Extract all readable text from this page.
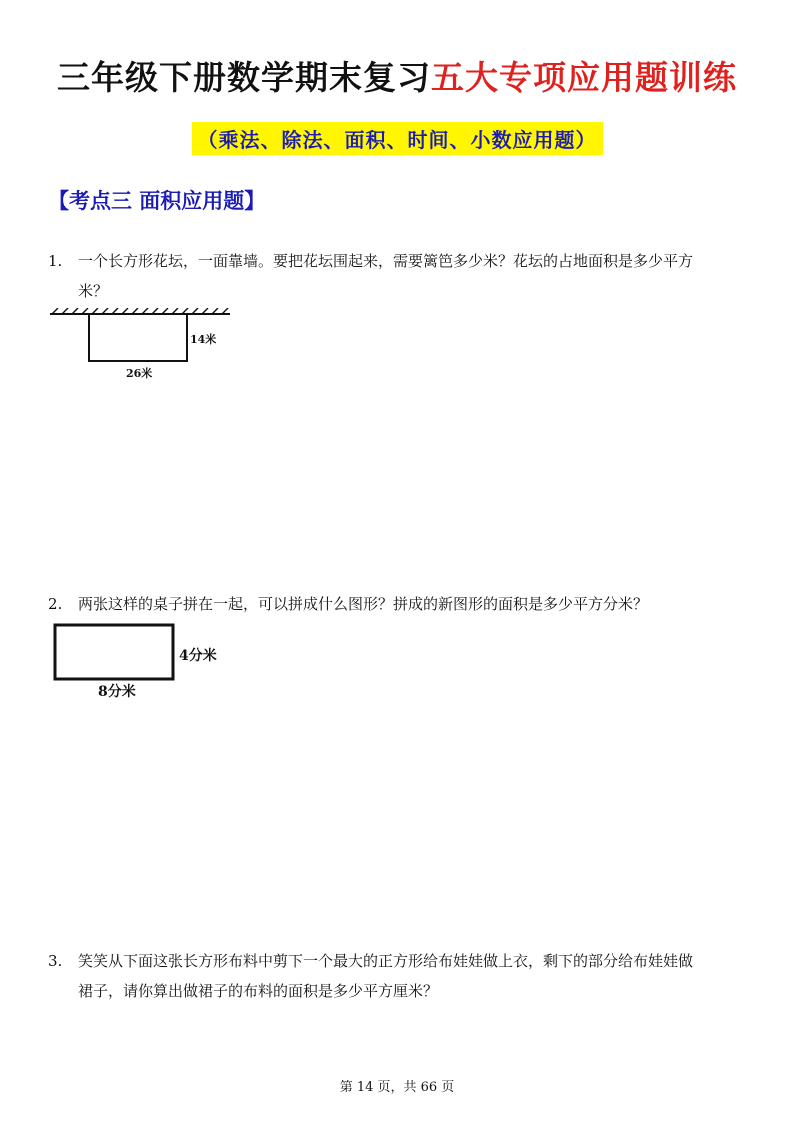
三年级下册数学期末复习五大专项应用题训练
（乘法、除法、面积、时间、小数应用题）
【考点三 面积应用题】
1. 一个长方形花坛，一面靠墙。要把花坛围起来，需要篱笆多少米？花坛的占地面积是多少平方
米？
14米
26米
2. 两张这样的桌子拼在一起，可以拼成什么图形？拼成的新图形的面积是多少平方分米？
4分米
8分米
3. 笑笑从下面这张长方形布料中剪下一个最大的正方形给布娃娃做上衣，剩下的部分给布娃娃做
裙子，请你算出做裙子的布料的面积是多少平方厘米？
第 14 页，共 66 页
